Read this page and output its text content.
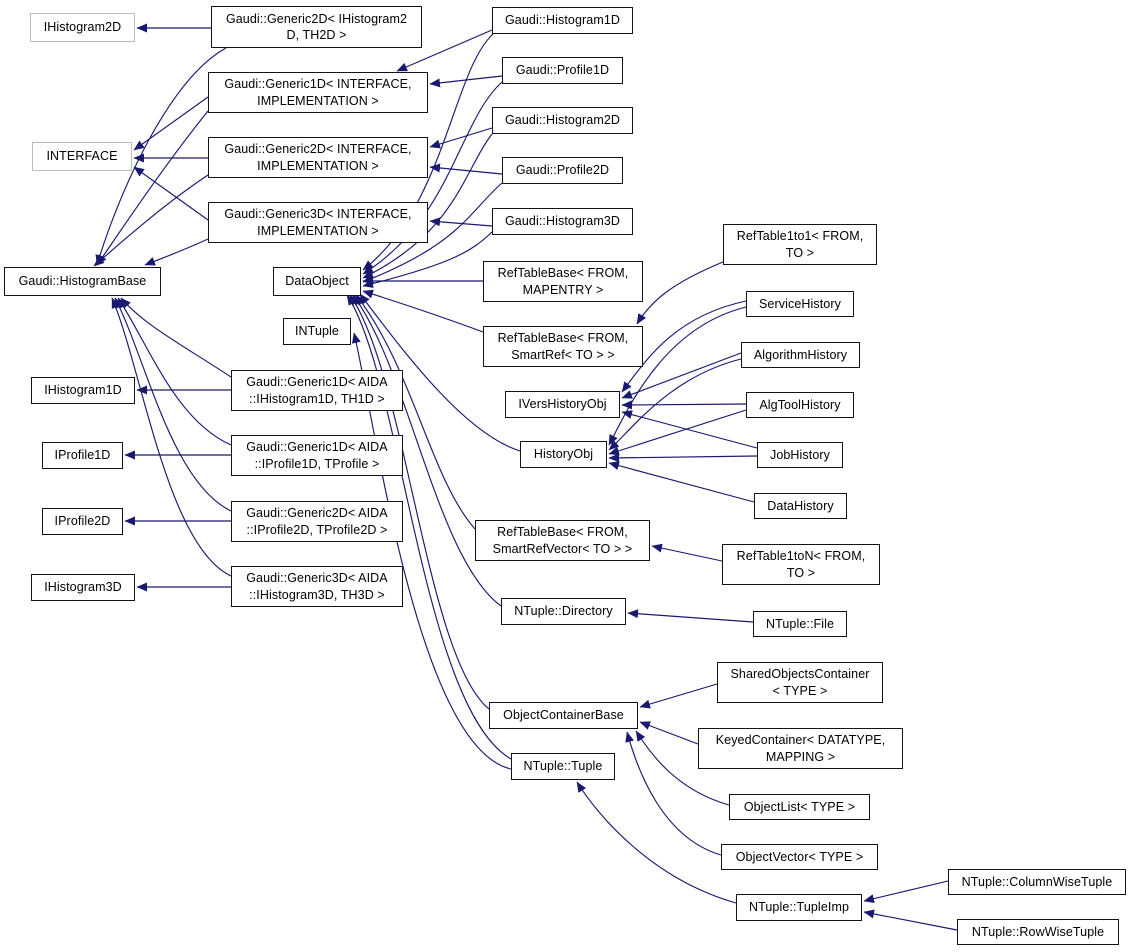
IHistogram2D
Gaudi::Generic2D< IHistogram2
D, TH2D >
Gaudi::Histogram1D
Gaudi::Generic1D< INTERFACE,
IMPLEMENTATION >
Gaudi::Profile1D
INTERFACE
Gaudi::Generic2D< INTERFACE,
IMPLEMENTATION >
Gaudi::Histogram2D
Gaudi::Profile2D
Gaudi::Generic3D< INTERFACE,
IMPLEMENTATION >
Gaudi::Histogram3D
Gaudi::HistogramBase	DataObject
RefTableBase< FROM,
MAPENTRY >
RefTable1to1< FROM,
TO >
INTuple	RefTableBase< FROM,
SmartRef< TO > >
ServiceHistory
AlgorithmHistory
IVersHistoryObj	AlgToolHistory
IHistogram1D
Gaudi::Generic1D< AIDA
::IHistogram1D, TH1D >
HistoryObj	JobHistory
IProfile1D
Gaudi::Generic1D< AIDA
::IProfile1D, TProfile >
DataHistory
IProfile2D
Gaudi::Generic2D< AIDA
::IProfile2D, TProfile2D >	RefTableBase< FROM,
SmartRefVector< TO > >
RefTable1toN< FROM,
TO >
IHistogram3D
Gaudi::Generic3D< AIDA
::IHistogram3D, TH3D >
NTuple::Directory
NTuple::File
SharedObjectsContainer
< TYPE >
ObjectContainerBase
KeyedContainer< DATATYPE,
MAPPING >
NTuple::Tuple
ObjectList< TYPE >
ObjectVector< TYPE >
NTuple::TupleImp
NTuple::ColumnWiseTuple
NTuple::RowWiseTuple
